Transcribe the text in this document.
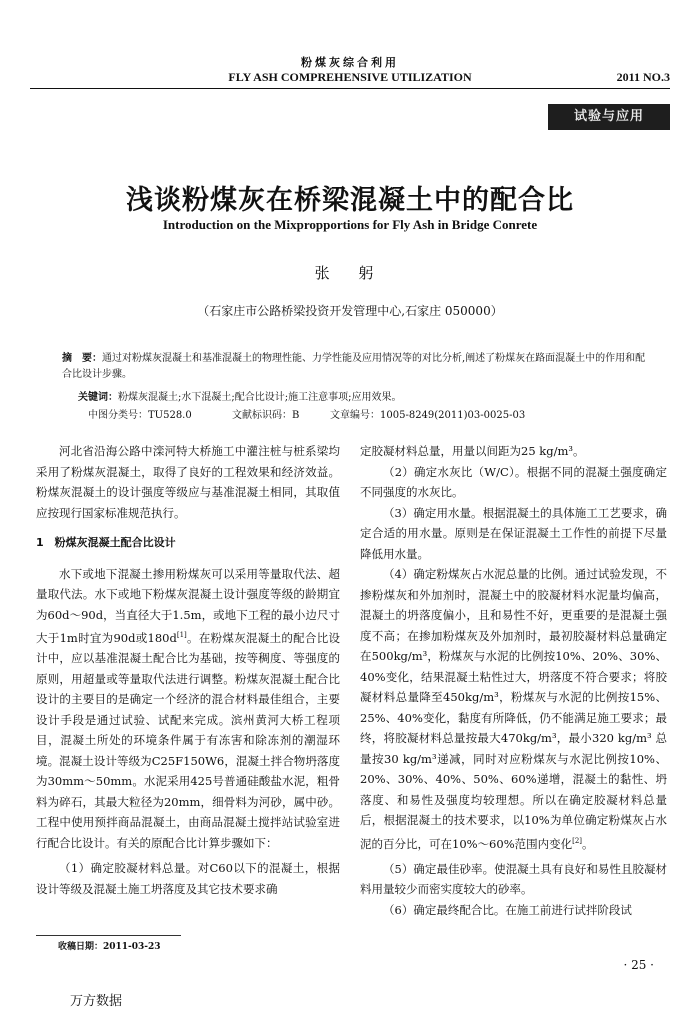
粉煤灰综合利用
FLY ASH COMPREHENSIVE UTILIZATION	2011 NO.3
试验与应用
浅谈粉煤灰在桥梁混凝土中的配合比
Introduction on the Mixpropportions for Fly Ash in Bridge Conrete
张 躬
（石家庄市公路桥梁投资开发管理中心,石家庄 050000）
摘　要：通过对粉煤灰混凝土和基准混凝土的物理性能、力学性能及应用情况等的对比分析,阐述了粉煤灰在路面混凝土中的作用和配合比设计步骤。
关键词：粉煤灰混凝土;水下混凝土;配合比设计;施工注意事项;应用效果。
中图分类号：TU528.0	文献标识码：B	文章编号：1005-8249(2011)03-0025-03

河北省沿海公路中滦河特大桥施工中灌注桩与桩系梁均采用了粉煤灰混凝土，取得了良好的工程效果和经济效益。粉煤灰混凝土的设计强度等级应与基准混凝土相同，其取值应按现行国家标准规范执行。

1　粉煤灰混凝土配合比设计

水下或地下混凝土掺用粉煤灰可以采用等量取代法、超量取代法。水下或地下粉煤灰混凝土设计强度等级的龄期宜为60d～90d，当直径大于1.5m，或地下工程的最小边尺寸大于1m时宜为90d或180d[1]。在粉煤灰混凝土的配合比设计中，应以基准混凝土配合比为基础，按等稠度、等强度的原则，用超量或等量取代法进行调整。粉煤灰混凝土配合比设计的主要目的是确定一个经济的混合材料最佳组合，主要设计手段是通过试验、试配来完成。滨州黄河大桥工程项目，混凝土所处的环境条件属于有冻害和除冻剂的潮湿环境。混凝土设计等级为C25F150W6，混凝土拌合物坍落度为30mm～50mm。水泥采用425号普通硅酸盐水泥，粗骨料为碎石，其最大粒径为20mm，细骨料为河砂，属中砂。工程中使用预拌商品混凝土，由商品混凝土搅拌站试验室进行配合比设计。有关的原配合比计算步骤如下：

（1）确定胶凝材料总量。对C60以下的混凝土，根据设计等级及混凝土施工坍落度及其它技术要求确

定胶凝材料总量，用量以间距为25 kg/m³。

（2）确定水灰比（W/C）。根据不同的混凝土强度确定不同强度的水灰比。

（3）确定用水量。根据混凝土的具体施工工艺要求，确定合适的用水量。原则是在保证混凝土工作性的前提下尽量降低用水量。

（4）确定粉煤灰占水泥总量的比例。通过试验发现，不掺粉煤灰和外加剂时，混凝土中的胶凝材料水泥量均偏高，混凝土的坍落度偏小，且和易性不好，更重要的是混凝土强度不高；在掺加粉煤灰及外加剂时，最初胶凝材料总量确定在500kg/m³，粉煤灰与水泥的比例按10%、20%、30%、40%变化，结果混凝土粘性过大，坍落度不符合要求；将胶凝材料总量降至450kg/m³，粉煤灰与水泥的比例按15%、25%、40%变化，黏度有所降低，仍不能满足施工要求；最终，将胶凝材料总量按最大470kg/m³，最小320 kg/m³ 总量按30 kg/m³递减，同时对应粉煤灰与水泥比例按10%、20%、30%、40%、50%、60%递增，混凝土的黏性、坍落度、和易性及强度均较理想。所以在确定胶凝材料总量后，根据混凝土的技术要求，以10%为单位确定粉煤灰占水泥的百分比，可在10%～60%范围内变化[2]。

（5）确定最佳砂率。使混凝土具有良好和易性且胶凝材料用量较少而密实度较大的砂率。

（6）确定最终配合比。在施工前进行试拌阶段试

收稿日期：2011-03-23
· 25 ·
万方数据
